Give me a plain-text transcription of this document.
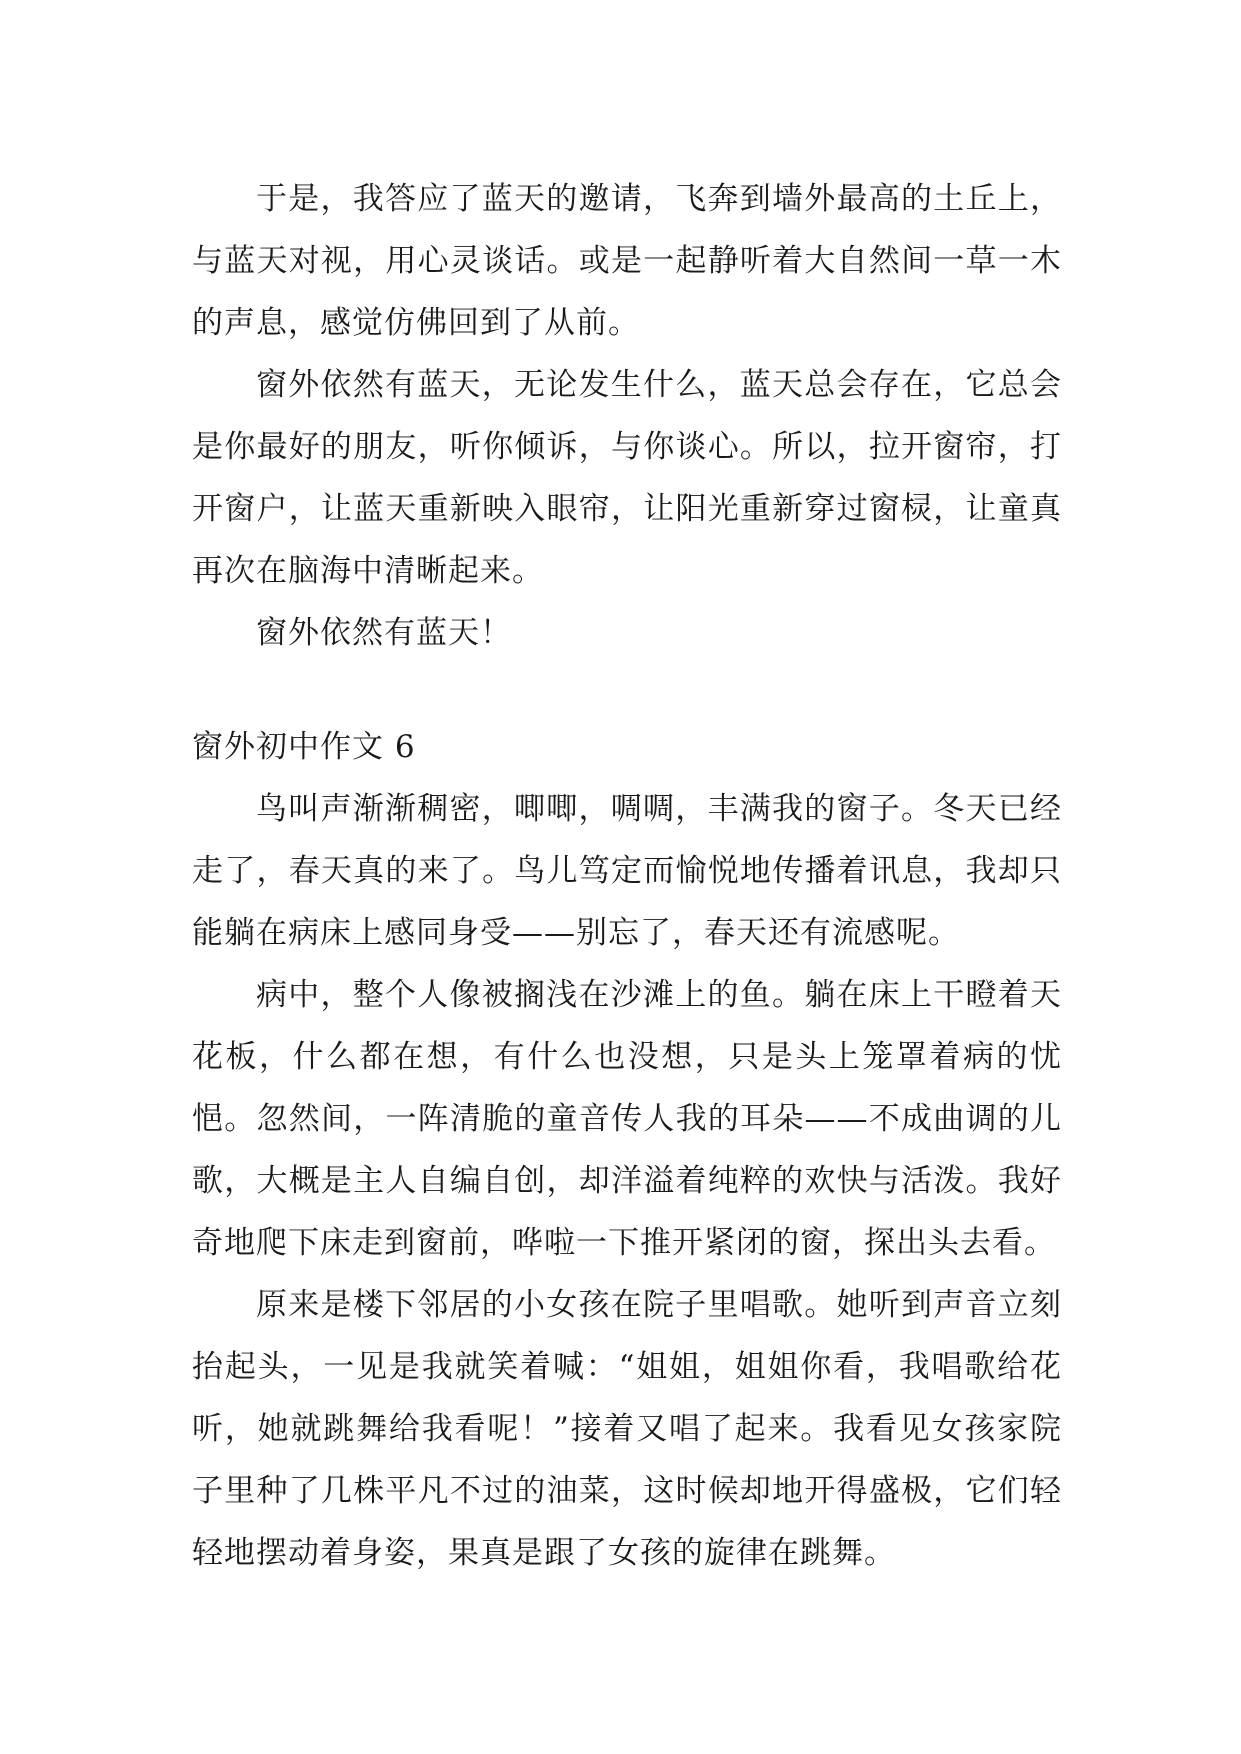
于是，我答应了蓝天的邀请，飞奔到墙外最高的土丘上，与蓝天对视，用心灵谈话。或是一起静听着大自然间一草一木的声息，感觉仿佛回到了从前。

窗外依然有蓝天，无论发生什么，蓝天总会存在，它总会是你最好的朋友，听你倾诉，与你谈心。所以，拉开窗帘，打开窗户，让蓝天重新映入眼帘，让阳光重新穿过窗棂，让童真再次在脑海中清晰起来。

窗外依然有蓝天！

窗外初中作文 6

鸟叫声渐渐稠密，唧唧，啁啁，丰满我的窗子。冬天已经走了，春天真的来了。鸟儿笃定而愉悦地传播着讯息，我却只能躺在病床上感同身受——别忘了，春天还有流感呢。

病中，整个人像被搁浅在沙滩上的鱼。躺在床上干瞪着天花板，什么都在想，有什么也没想，只是头上笼罩着病的忧悒。忽然间，一阵清脆的童音传人我的耳朵——不成曲调的儿歌，大概是主人自编自创，却洋溢着纯粹的欢快与活泼。我好奇地爬下床走到窗前，哗啦一下推开紧闭的窗，探出头去看。

原来是楼下邻居的小女孩在院子里唱歌。她听到声音立刻抬起头，一见是我就笑着喊：“姐姐，姐姐你看，我唱歌给花听，她就跳舞给我看呢！”接着又唱了起来。我看见女孩家院子里种了几株平凡不过的油菜，这时候却地开得盛极，它们轻轻地摆动着身姿，果真是跟了女孩的旋律在跳舞。
